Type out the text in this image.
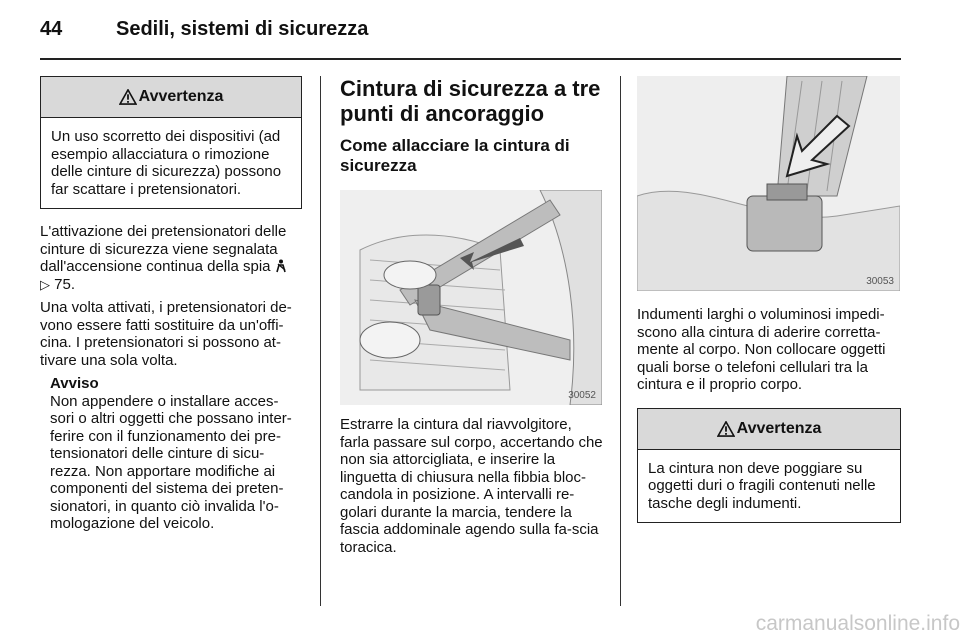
44	Sedili, sistemi di sicurezza
Avvertenza
Un uso scorretto dei dispositivi (ad esempio allacciatura o rimozione delle cinture di sicurezza) possono far scattare i pretensionatori.

L'attivazione dei pretensionatori delle cinture di sicurezza viene segnalata dall'accensione continua della spia
▷ 75.

Una volta attivati, i pretensionatori de-vono essere fatti sostituire da un'offi-cina. I pretensionatori si possono at-tivare una sola volta.

Avviso
Non appendere o installare acces-sori o altri oggetti che possano inter-ferire con il funzionamento dei pre-tensionatori delle cinture di sicu-rezza. Non apportare modifiche ai componenti del sistema dei preten-sionatori, in quanto ciò invalida l'o-mologazione del veicolo.
Cintura di sicurezza a tre punti di ancoraggio
Come allacciare la cintura di sicurezza
30052

Estrarre la cintura dal riavvolgitore, farla passare sul corpo, accertando che non sia attorcigliata, e inserire la linguetta di chiusura nella fibbia bloc-candola in posizione. A intervalli re-golari durante la marcia, tendere la fascia addominale agendo sulla fa-scia toracica.

30053

Indumenti larghi o voluminosi impedi-scono alla cintura di aderire corretta-mente al corpo. Non collocare oggetti quali borse o telefoni cellulari tra la cintura e il proprio corpo.

Avvertenza
La cintura non deve poggiare su oggetti duri o fragili contenuti nelle tasche degli indumenti.
carmanualsonline.info
